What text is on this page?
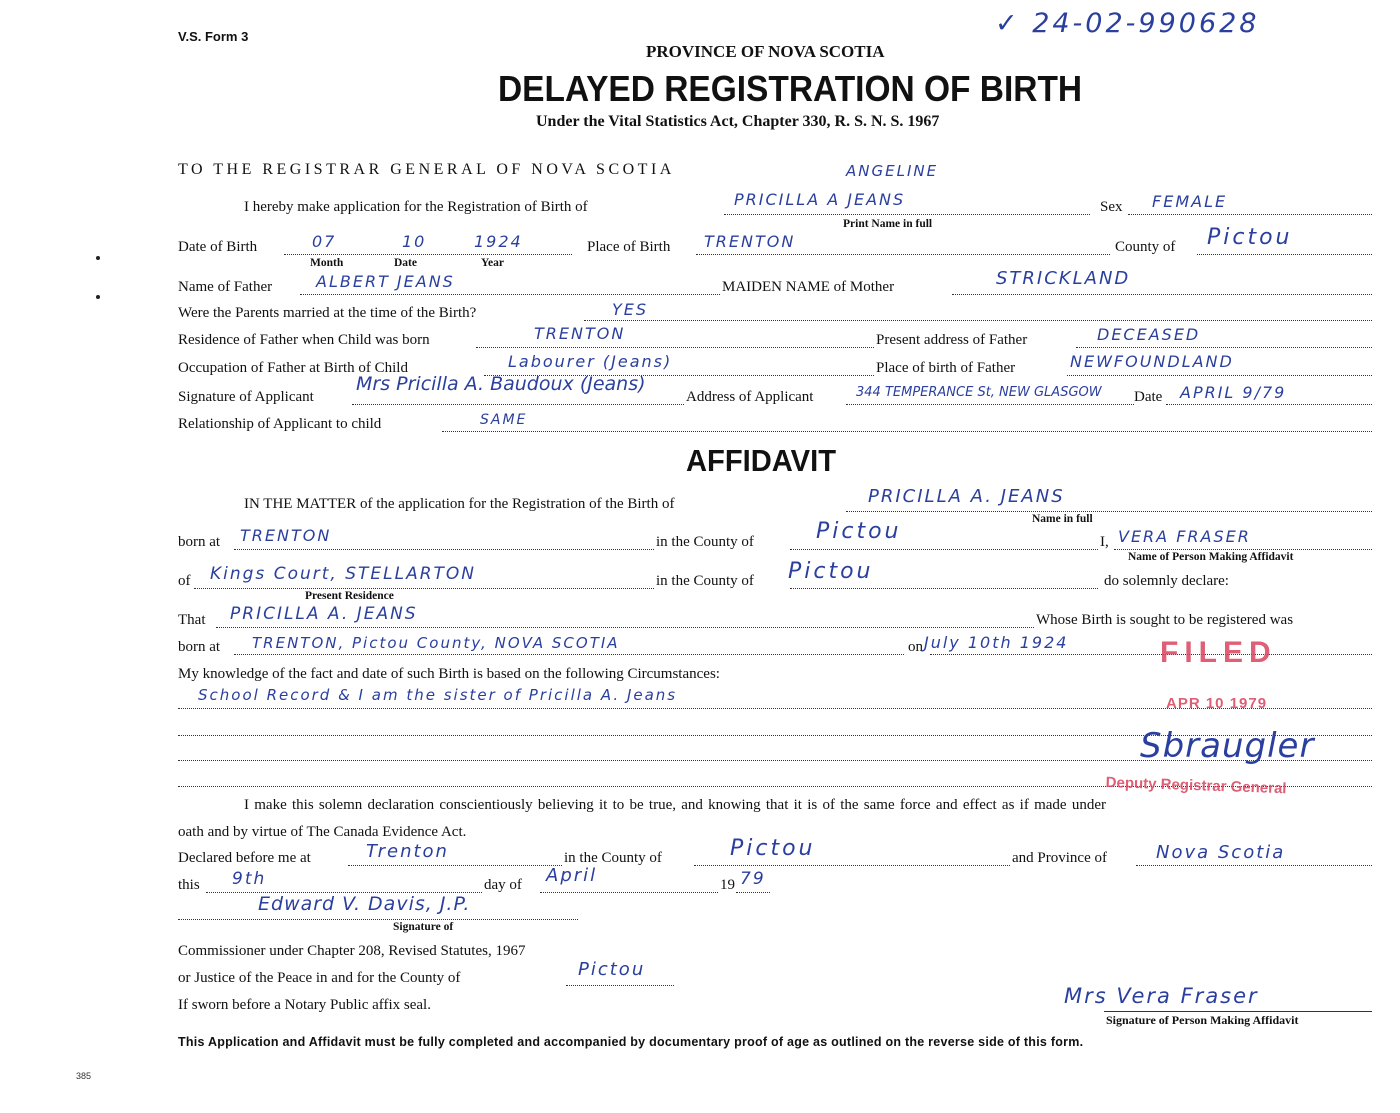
V.S. Form 3	✓ 24-02-990628
PROVINCE OF NOVA SCOTIA
DELAYED REGISTRATION OF BIRTH
Under the Vital Statistics Act, Chapter 330, R. S. N. S. 1967
TO THE REGISTRAR GENERAL OF NOVA SCOTIA	ANGELINE
I hereby make application for the Registration of Birth of	PRICILLA A JEANS	Sex FEMALE
Print Name in full
Date of Birth	07	10	1924	Place of Birth TRENTON	County of Pictou
Month	Date	Year
Name of Father	ALBERT JEANS	MAIDEN NAME of Mother	STRICKLAND
Were the Parents married at the time of the Birth?	YES
Residence of Father when Child was born	TRENTON	Present address of Father	DECEASED
Occupation of Father at Birth of Child	Labourer (Jeans)	Place of birth of Father	NEWFOUNDLAND
Signature of Applicant
Mrs Pricilla A. Baudoux (Jeans)
Address of Applicant	344 TEMPERANCE St, NEW GLASGOW Date APRIL 9/79
Relationship of Applicant to child	SAME
AFFIDAVIT
IN THE MATTER of the application for the Registration of the Birth of	PRICILLA A. JEANS
Name in full
born at TRENTON	in the County of	Pictou	I, VERA FRASER
Name of Person Making Affidavit
of Kings Court, STELLARTON	in the County of Pictou	do solemnly declare:
Present Residence
That PRICILLA A. JEANS	Whose Birth is sought to be registered was
born at TRENTON, Pictou County, NOVA SCOTIA	on July 10th 1924
My knowledge of the fact and date of such Birth is based on the following Circumstances:
School Record & I am the sister of Pricilla A. Jeans
I make this solemn declaration conscientiously believing it to be true, and knowing that it is of the same force and effect as if made under
oath and by virtue of The Canada Evidence Act.
Declared before me at	Trenton	in the County of	Pictou	and Province of	Nova Scotia
this 9th	day of April	19 79
Edward V. Davis, J.P.
Signature of
Commissioner under Chapter 208, Revised Statutes, 1967
or Justice of the Peace in and for the County of	Pictou
If sworn before a Notary Public affix seal.	Mrs Vera Fraser
Signature of Person Making Affidavit
FILED
APR 10 1979
Sbraugler
Deputy Registrar General
This Application and Affidavit must be fully completed and accompanied by documentary proof of age as outlined on the reverse side of this form.
385
